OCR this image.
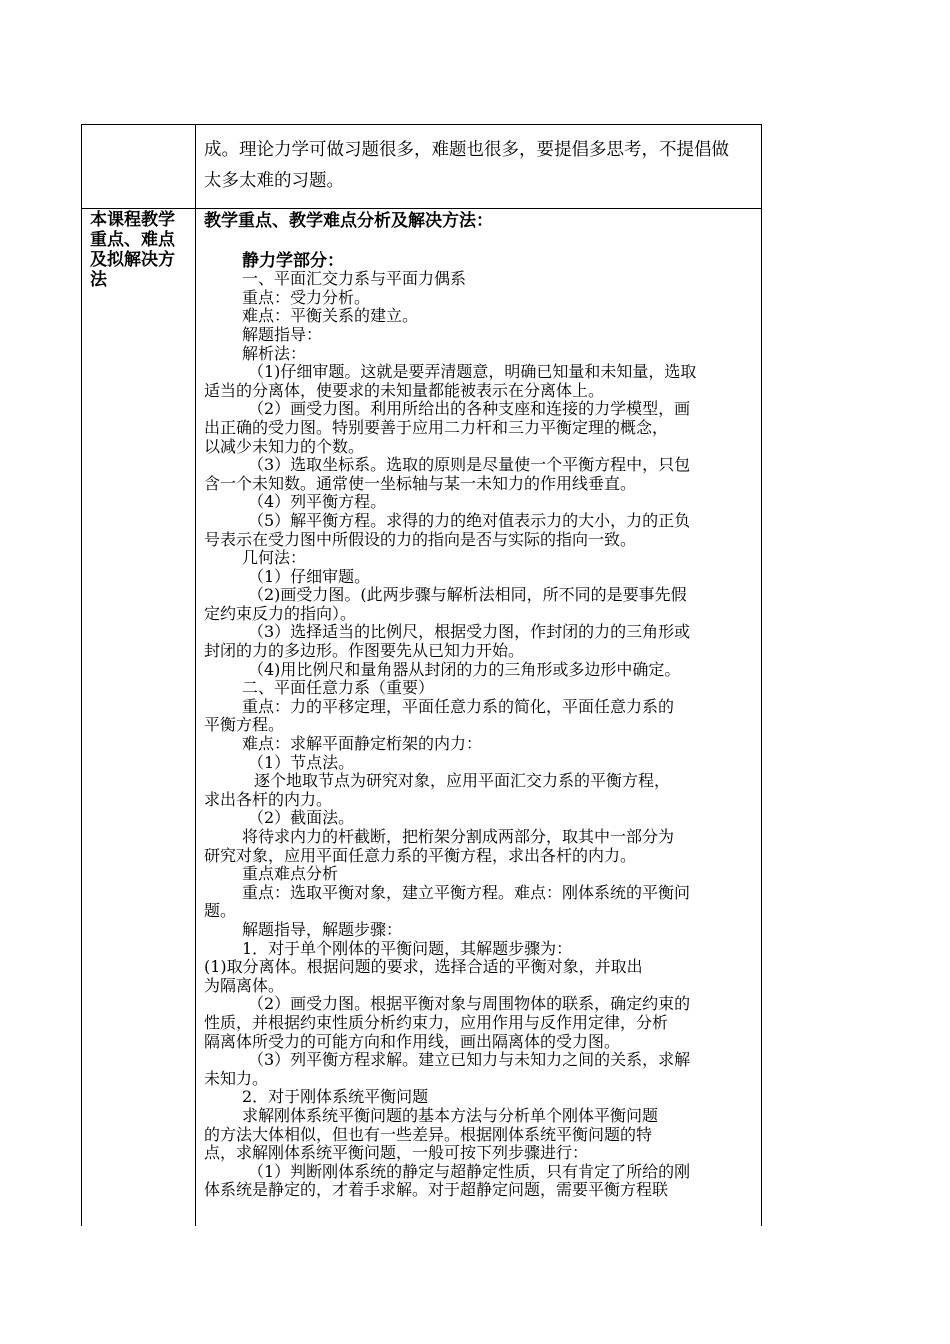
成。理论力学可做习题很多，难题也很多，要提倡多思考，不提倡做
太多太难的习题。
本课程教学
重点、难点
及拟解决方
法
教学重点、教学难点分析及解决方法：
静力学部分：
一、平面汇交力系与平面力偶系
重点：受力分析。
难点：平衡关系的建立。
解题指导：
解析法：
（1)仔细审题。这就是要弄清题意，明确已知量和未知量，选取
适当的分离体，使要求的未知量都能被表示在分离体上。
（2）画受力图。利用所给出的各种支座和连接的力学模型，画
出正确的受力图。特别要善于应用二力杆和三力平衡定理的概念，
以减少未知力的个数。
（3）选取坐标系。选取的原则是尽量使一个平衡方程中，只包
含一个未知数。通常使一坐标轴与某一未知力的作用线垂直。
（4）列平衡方程。
（5）解平衡方程。求得的力的绝对值表示力的大小，力的正负
号表示在受力图中所假设的力的指向是否与实际的指向一致。
几何法：
（1）仔细审题。
（2)画受力图。(此两步骤与解析法相同，所不同的是要事先假
定约束反力的指向）。
（3）选择适当的比例尺，根据受力图，作封闭的力的三角形或
封闭的力的多边形。作图要先从已知力开始。
（4)用比例尺和量角器从封闭的力的三角形或多边形中确定。
二、平面任意力系（重要）
重点：力的平移定理，平面任意力系的简化，平面任意力系的
平衡方程。
难点：求解平面静定桁架的内力：
（1）节点法。
逐个地取节点为研究对象，应用平面汇交力系的平衡方程，
求出各杆的内力。
（2）截面法。
将待求内力的杆截断，把桁架分割成两部分，取其中一部分为
研究对象，应用平面任意力系的平衡方程，求出各杆的内力。
重点难点分析
重点：选取平衡对象，建立平衡方程。难点：刚体系统的平衡问
题。
解题指导，解题步骤：
1．对于单个刚体的平衡问题，其解题步骤为：
(1)取分离体。根据问题的要求，选择合适的平衡对象，并取出
为隔离体。
（2）画受力图。根据平衡对象与周围物体的联系，确定约束的
性质，并根据约束性质分析约束力，应用作用与反作用定律，分析
隔离体所受力的可能方向和作用线，画出隔离体的受力图。
（3）列平衡方程求解。建立已知力与未知力之间的关系，求解
未知力。
2．对于刚体系统平衡问题
求解刚体系统平衡问题的基本方法与分析单个刚体平衡问题
的方法大体相似，但也有一些差异。根据刚体系统平衡问题的特
点，求解刚体系统平衡问题，一般可按下列步骤进行：
（1）判断刚体系统的静定与超静定性质，只有肯定了所给的刚
体系统是静定的，才着手求解。对于超静定问题，需要平衡方程联
